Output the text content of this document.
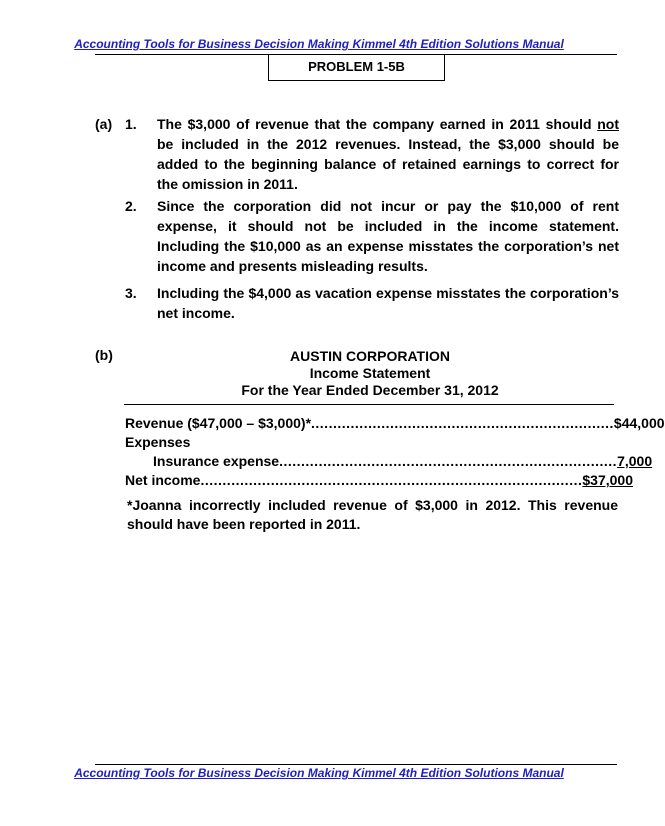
Accounting Tools for Business Decision Making Kimmel 4th Edition Solutions Manual
PROBLEM 1-5B
(a) 1. The $3,000 of revenue that the company earned in 2011 should not be included in the 2012 revenues. Instead, the $3,000 should be added to the beginning balance of retained earnings to correct for the omission in 2011.
2. Since the corporation did not incur or pay the $10,000 of rent expense, it should not be included in the income statement. Including the $10,000 as an expense misstates the corporation’s net income and presents misleading results.
3. Including the $4,000 as vacation expense misstates the corporation’s net income.
(b)	AUSTIN CORPORATION
Income Statement
For the Year Ended December 31, 2012
Revenue ($47,000 – $3,000)* ..................................................................... $44,000
Expenses
Insurance expense ............................................................................. 7,000
Net income ....................................................................................... $37,000
*Joanna incorrectly included revenue of $3,000 in 2012. This revenue should have been reported in 2011.
Accounting Tools for Business Decision Making Kimmel 4th Edition Solutions Manual
